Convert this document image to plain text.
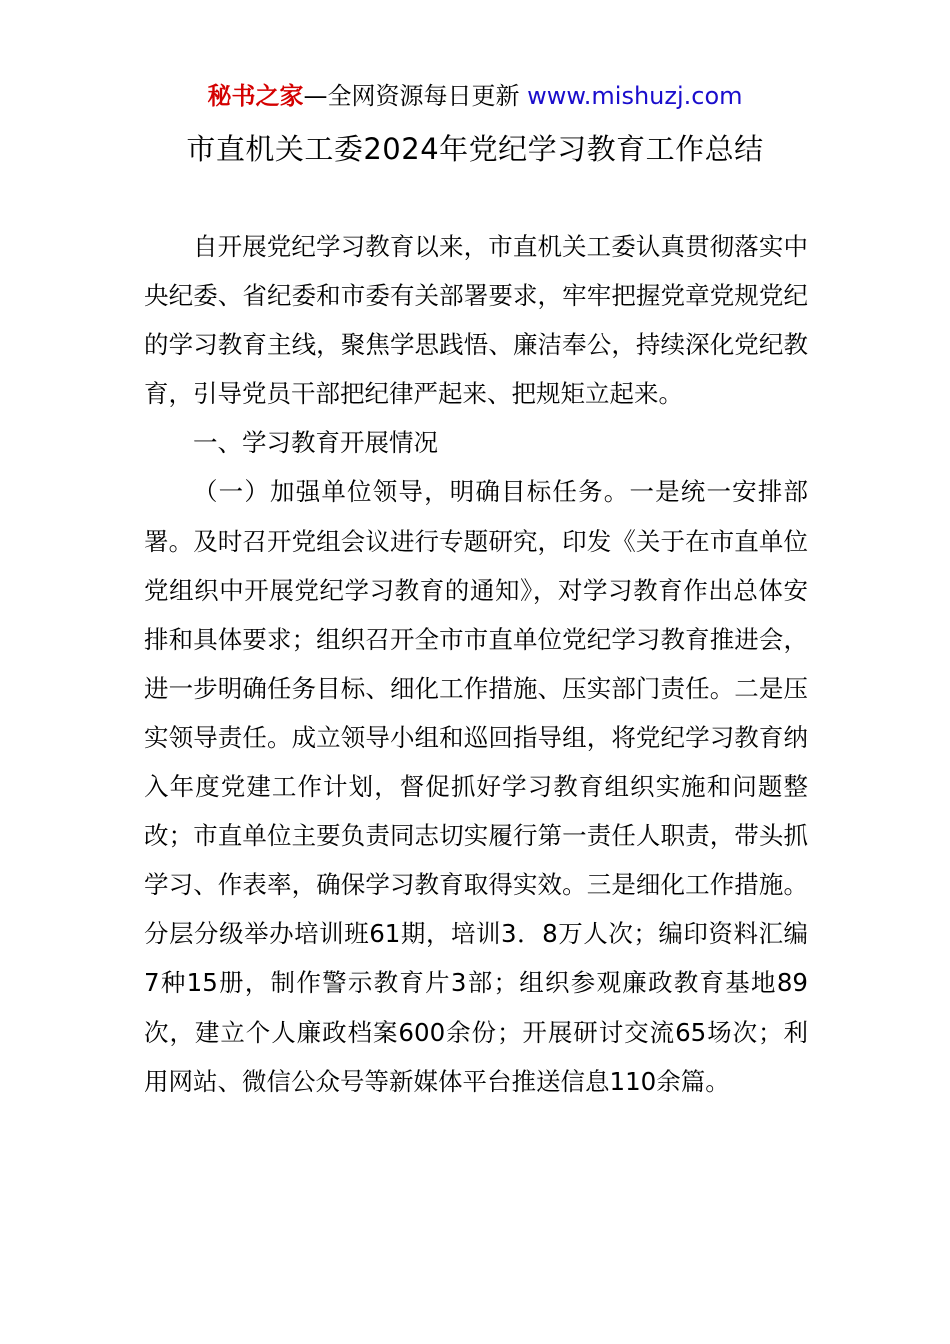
秘书之家—全网资源每日更新 www.mishuzj.com
市直机关工委2024年党纪学习教育工作总结

自开展党纪学习教育以来，市直机关工委认真贯彻落实中央纪委、省纪委和市委有关部署要求，牢牢把握党章党规党纪的学习教育主线，聚焦学思践悟、廉洁奉公，持续深化党纪教育，引导党员干部把纪律严起来、把规矩立起来。

一、学习教育开展情况

（一）加强单位领导，明确目标任务。一是统一安排部署。及时召开党组会议进行专题研究，印发《关于在市直单位党组织中开展党纪学习教育的通知》，对学习教育作出总体安排和具体要求；组织召开全市市直单位党纪学习教育推进会，进一步明确任务目标、细化工作措施、压实部门责任。二是压实领导责任。成立领导小组和巡回指导组，将党纪学习教育纳入年度党建工作计划，督促抓好学习教育组织实施和问题整改；市直单位主要负责同志切实履行第一责任人职责，带头抓学习、作表率，确保学习教育取得实效。三是细化工作措施。分层分级举办培训班61期，培训3．8万人次；编印资料汇编7种15册，制作警示教育片3部；组织参观廉政教育基地89次，建立个人廉政档案600余份；开展研讨交流65场次；利用网站、微信公众号等新媒体平台推送信息110余篇。
